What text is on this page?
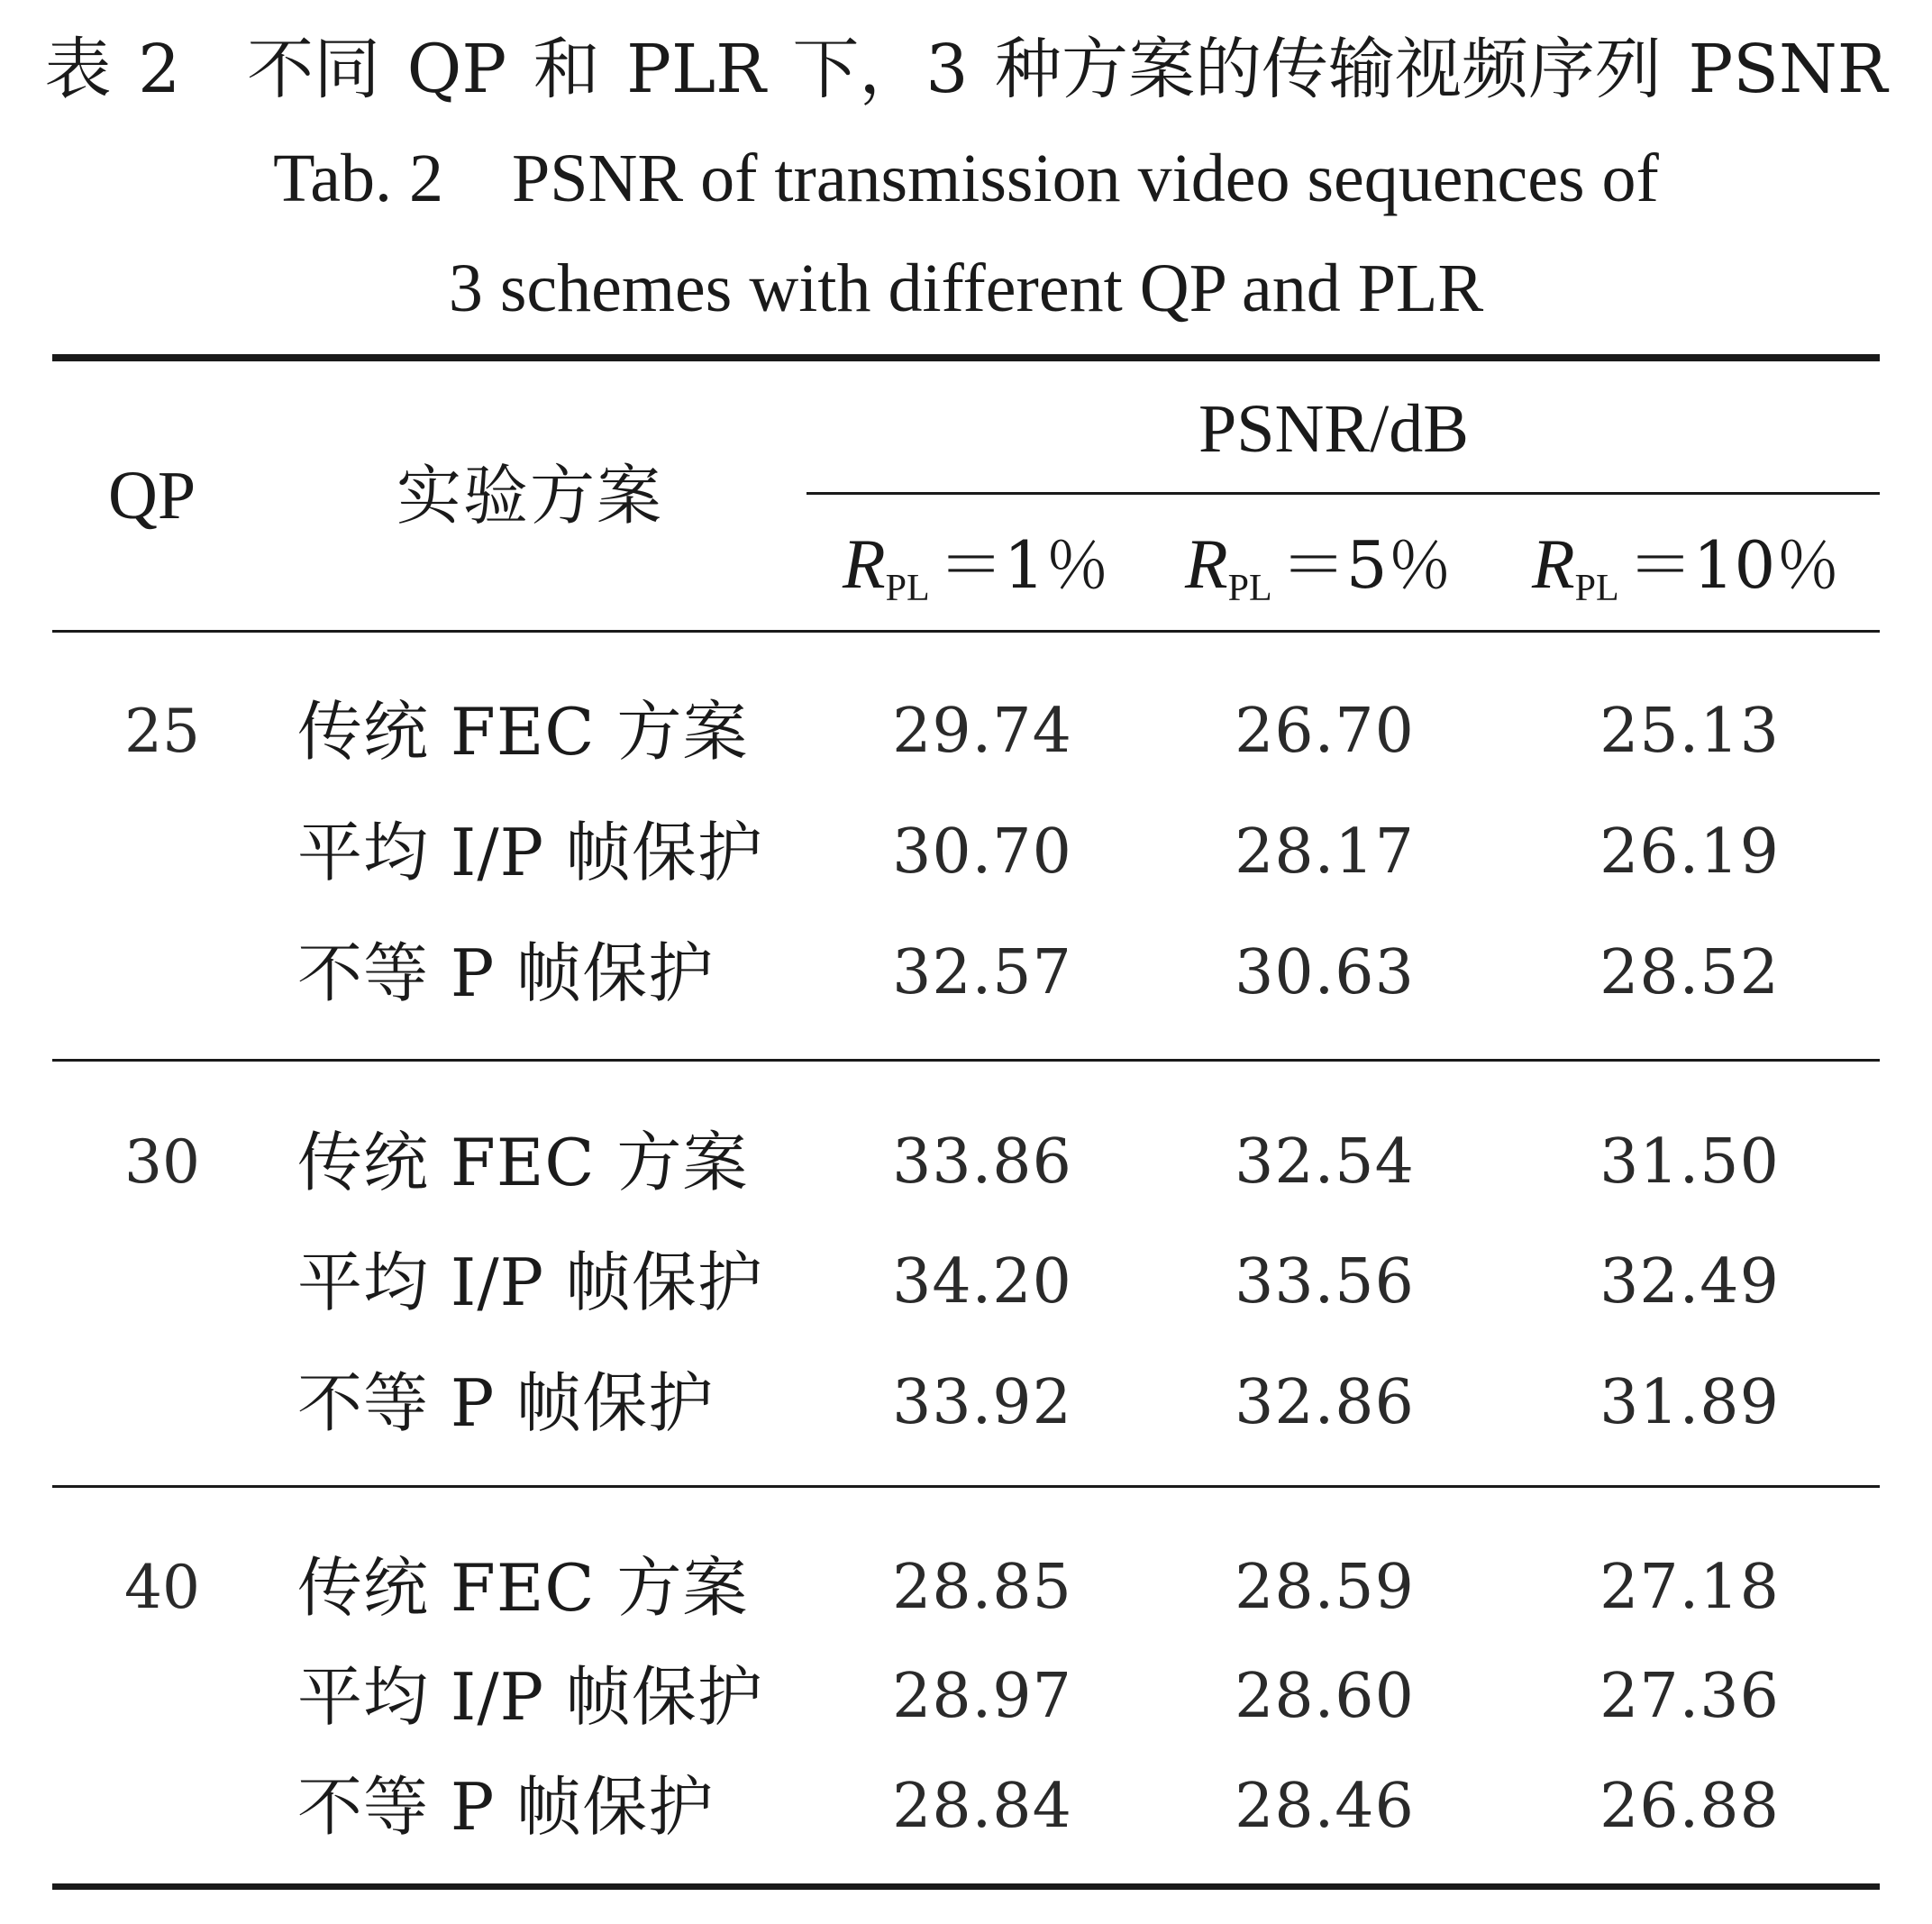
表 2　不同 QP 和 PLR 下，3 种方案的传输视频序列 PSNR
Tab. 2　PSNR of transmission video sequences of
3 schemes with different QP and PLR
QP	实验方案
PSNR/dB
RPL ＝1％ RPL ＝5％ RPL ＝10％
25 传统 FEC 方案 29.74	26.70	25.13
平均 I/P 帧保护 30.70	28.17	26.19
不等 P 帧保护	32.57	30.63	28.52
30 传统 FEC 方案 33.86	32.54	31.50
平均 I/P 帧保护 34.20	33.56	32.49
不等 P 帧保护	33.92	32.86	31.89
40 传统 FEC 方案 28.85	28.59	27.18
平均 I/P 帧保护 28.97	28.60	27.36
不等 P 帧保护	28.84	28.46	26.88
